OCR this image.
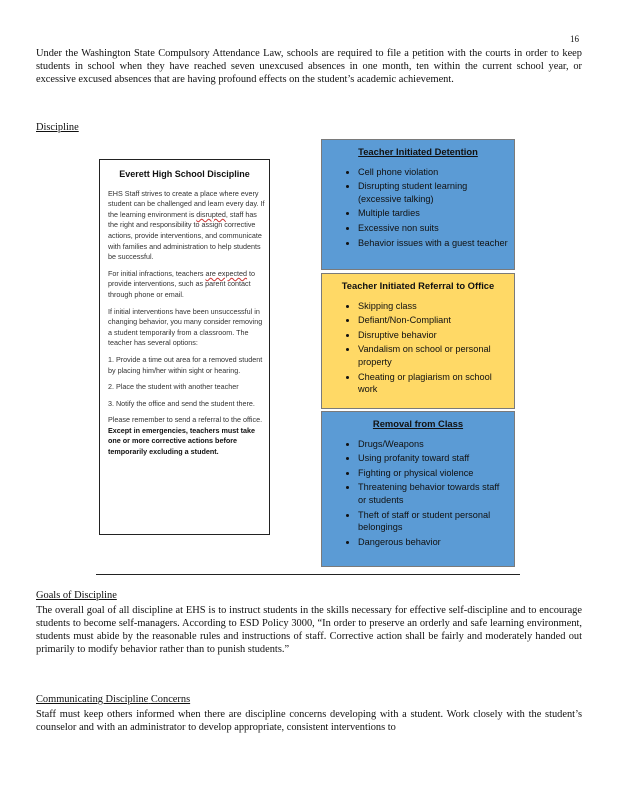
16
Under the Washington State Compulsory Attendance Law, schools are required to file a petition with the courts in order to keep students in school when they have reached seven unexcused absences in one month, ten within the current school year, or excessive excused absences that are having profound effects on the student’s academic achievement.
Discipline
Everett High School Discipline

EHS Staff strives to create a place where every student can be challenged and learn every day. If the learning environment is disrupted, staff has the right and responsibility to assign corrective actions, provide interventions, and communicate with families and administration to help students be successful.

For initial infractions, teachers are expected to provide interventions, such as parent contact through phone or email.

If initial interventions have been unsuccessful in changing behavior, you many consider removing a student temporarily from a classroom. The teacher has several options:

1. Provide a time out area for a removed student by placing him/her within sight or hearing.

2. Place the student with another teacher

3. Notify the office and send the student there.

Please remember to send a referral to the office. Except in emergencies, teachers must take one or more corrective actions before temporarily excluding a student.

Teacher Initiated Detention
• Cell phone violation
• Disrupting student learning (excessive talking)
• Multiple tardies
• Excessive non suits
• Behavior issues with a guest teacher
Teacher Initiated Referral to Office
• Skipping class
• Defiant/Non-Compliant
• Disruptive behavior
• Vandalism on school or personal property
• Cheating or plagiarism on school work
Removal from Class
• Drugs/Weapons
• Using profanity toward staff
• Fighting or physical violence
• Threatening behavior towards staff or students
• Theft of staff or student personal belongings
• Dangerous behavior
Goals of Discipline
The overall goal of all discipline at EHS is to instruct students in the skills necessary for effective self-discipline and to encourage students to become self-managers. According to ESD Policy 3000, “In order to preserve an orderly and safe learning environment, students must abide by the reasonable rules and instructions of staff. Corrective action shall be fairly and moderately handed out primarily to modify behavior rather than to punish students.”
Communicating Discipline Concerns
Staff must keep others informed when there are discipline concerns developing with a student. Work closely with the student’s counselor and with an administrator to develop appropriate, consistent interventions to
